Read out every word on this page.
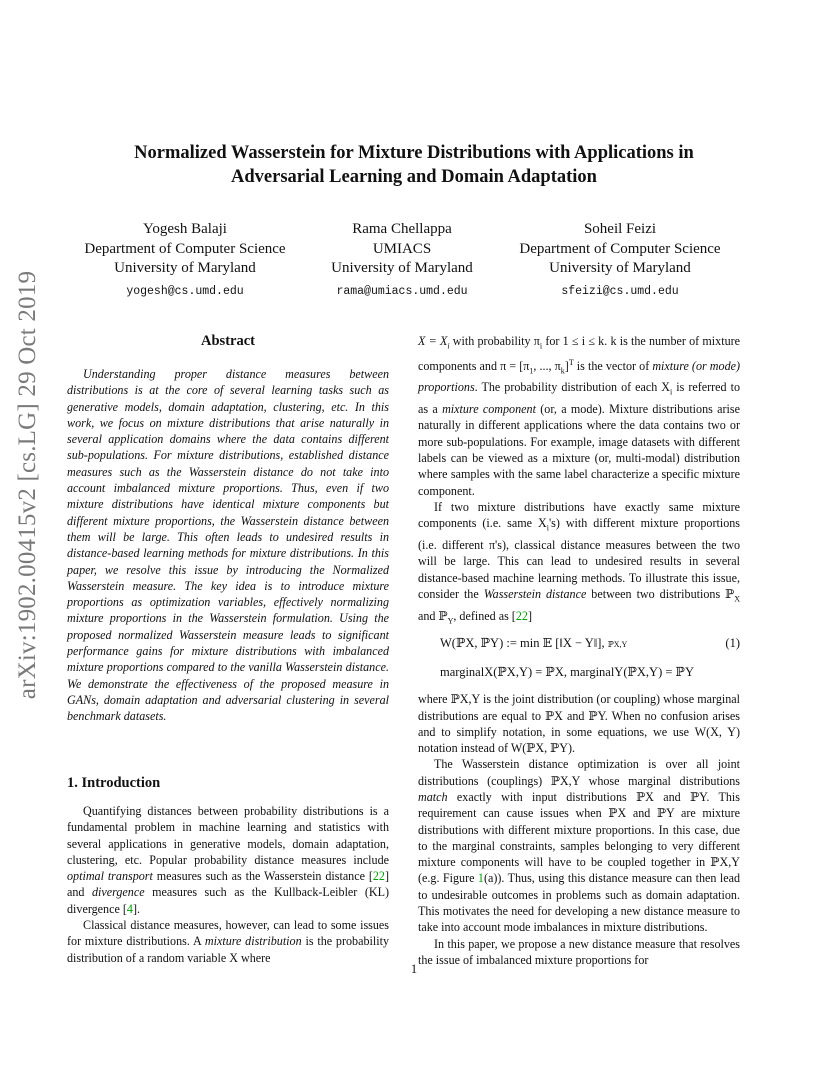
arXiv:1902.00415v2 [cs.LG] 29 Oct 2019
Normalized Wasserstein for Mixture Distributions with Applications in
Adversarial Learning and Domain Adaptation
Yogesh Balaji
Department of Computer Science
University of Maryland
yogesh@cs.umd.edu
Rama Chellappa
UMIACS
University of Maryland
rama@umiacs.umd.edu
Soheil Feizi
Department of Computer Science
University of Maryland
sfeizi@cs.umd.edu
Abstract

Understanding proper distance measures between distributions is at the core of several learning tasks such as generative models, domain adaptation, clustering, etc. In this work, we focus on mixture distributions that arise naturally in several application domains where the data contains different sub-populations. For mixture distributions, established distance measures such as the Wasserstein distance do not take into account imbalanced mixture proportions. Thus, even if two mixture distributions have identical mixture components but different mixture proportions, the Wasserstein distance between them will be large. This often leads to undesired results in distance-based learning methods for mixture distributions. In this paper, we resolve this issue by introducing the Normalized Wasserstein measure. The key idea is to introduce mixture proportions as optimization variables, effectively normalizing mixture proportions in the Wasserstein formulation. Using the proposed normalized Wasserstein measure leads to significant performance gains for mixture distributions with imbalanced mixture proportions compared to the vanilla Wasserstein distance. We demonstrate the effectiveness of the proposed measure in GANs, domain adaptation and adversarial clustering in several benchmark datasets.

1. Introduction

Quantifying distances between probability distributions is a fundamental problem in machine learning and statistics with several applications in generative models, domain adaptation, clustering, etc. Popular probability distance measures include optimal transport measures such as the Wasserstein distance [22] and divergence measures such as the Kullback-Leibler (KL) divergence [4].

Classical distance measures, however, can lead to some issues for mixture distributions. A mixture distribution is the probability distribution of a random variable X where

$X = X_i$ with probability $\pi_i$ for 1 ≤ i ≤ k. k is the number of mixture components and $\pi = [\pi_1$, ..., $\pi_k]^T$ is the vector of mixture (or mode) proportions. The probability distribution of each $X_i$ is referred to as a mixture component (or, a mode). Mixture distributions arise naturally in different applications where the data contains two or more sub-populations. For example, image datasets with different labels can be viewed as a mixture (or, multi-modal) distribution where samples with the same label characterize a specific mixture component.

If two mixture distributions have exactly same mixture components (i.e. same $X_i's$) with different mixture proportions (i.e. different π's), classical distance measures between the two will be large. This can lead to undesired results in several distance-based machine learning methods. To illustrate this issue, consider the Wasserstein distance between two distributions ℙ$_X$ and ℙ$_Y$, defined as [22]

W(ℙX, ℙY) := min 𝔼 [‖X − Y‖], ℙX,Y
marginalX(ℙX,Y) = ℙX, marginalY(ℙX,Y) = ℙY
(1)

where ℙX,Y is the joint distribution (or coupling) whose marginal distributions are equal to ℙX and ℙY. When no confusion arises and to simplify notation, in some equations, we use W(X, Y) notation instead of W(ℙX, ℙY).

The Wasserstein distance optimization is over all joint distributions (couplings) ℙX,Y whose marginal distributions match exactly with input distributions ℙX and ℙY. This requirement can cause issues when ℙX and ℙY are mixture distributions with different mixture proportions. In this case, due to the marginal constraints, samples belonging to very different mixture components will have to be coupled together in ℙX,Y (e.g. Figure 1(a)). Thus, using this distance measure can then lead to undesirable outcomes in problems such as domain adaptation. This motivates the need for developing a new distance measure to take into account mode imbalances in mixture distributions.

In this paper, we propose a new distance measure that resolves the issue of imbalanced mixture proportions for

1
